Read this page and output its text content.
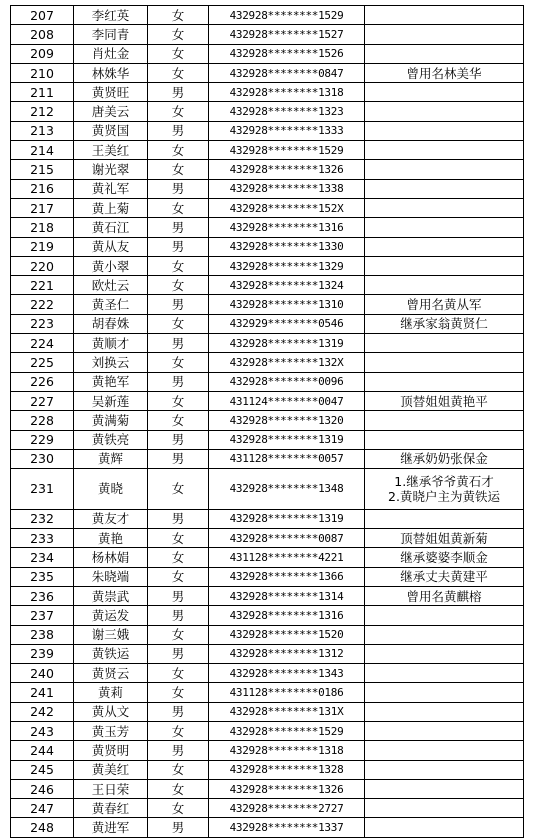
207	李红英	女	432928********1529	
208	李同青	女	432928********1527	
209	肖灶金	女	432928********1526	
210	林姝华	女	432928********0847	曾用名林美华
211	黄贤旺	男	432928********1318	
212	唐美云	女	432928********1323	
213	黄贤国	男	432928********1333	
214	王美红	女	432928********1529	
215	谢光翠	女	432928********1326	
216	黄礼军	男	432928********1338	
217	黄上菊	女	432928********152X	
218	黄石江	男	432928********1316	
219	黄从友	男	432928********1330	
220	黄小翠	女	432928********1329	
221	欧灶云	女	432928********1324	
222	黄圣仁	男	432928********1310	曾用名黄从军
223	胡春姝	女	432929********0546	继承家翁黄贤仁
224	黄顺才	男	432928********1319	
225	刘换云	女	432928********132X	
226	黄艳军	男	432928********0096	
227	吴新莲	女	431124********0047	顶替姐姐黄艳平
228	黄满菊	女	432928********1320	
229	黄铁亮	男	432928********1319	
230	黄辉	男	431128********0057	继承奶奶张保金
231	黄晓	女	432928********1348	1.继承爷爷黄石才
2.黄晓户主为黄铁运

232	黄友才	男	432928********1319	
233	黄艳	女	432928********0087	顶替姐姐黄新菊
234	杨林娟	女	431128********4221	继承婆婆李顺金
235	朱晓端	女	432928********1366	继承丈夫黄建平
236	黄崇武	男	432928********1314	曾用名黄麒榕
237	黄运发	男	432928********1316	
238	谢三娥	女	432928********1520	
239	黄铁运	男	432928********1312	
240	黄贤云	女	432928********1343	
241	黄莉	女	431128********0186	
242	黄从文	男	432928********131X	
243	黄玉芳	女	432928********1529	
244	黄贤明	男	432928********1318	
245	黄美红	女	432928********1328	
246	王日荣	女	432928********1326	
247	黄春红	女	432928********2727	
248	黄进军	男	432928********1337	
